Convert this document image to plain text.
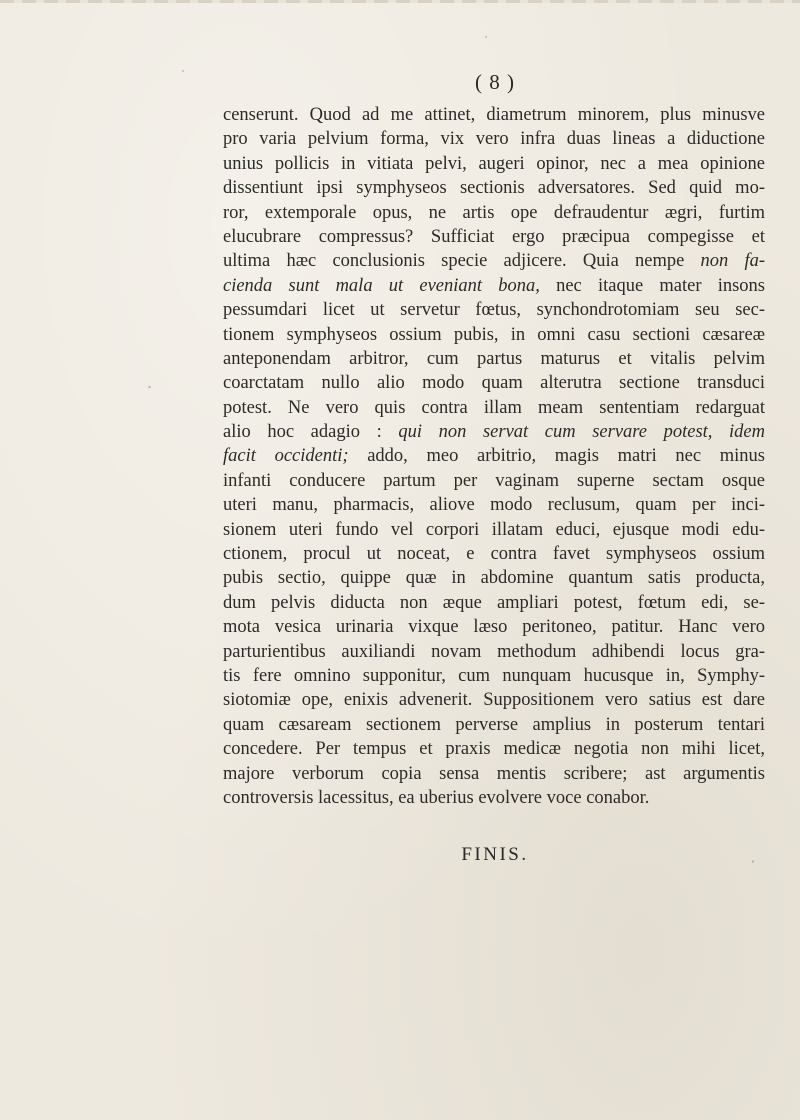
( 8 )
censerunt. Quod ad me attinet, diametrum minorem, plus minusve
pro varia pelvium forma, vix vero infra duas lineas a diductione
unius pollicis in vitiata pelvi, augeri opinor, nec a mea opinione
dissentiunt ipsi symphyseos sectionis adversatores. Sed quid mo-
ror, extemporale opus, ne artis ope defraudentur ægri, furtim
elucubrare compressus? Sufficiat ergo præcipua compegisse et
ultima hæc conclusionis specie adjicere. Quia nempe non fa-
cienda sunt mala ut eveniant bona, nec itaque mater insons
pessumdari licet ut servetur fœtus, synchondrotomiam seu sec-
tionem symphyseos ossium pubis, in omni casu sectioni cæsareæ
anteponendam arbitror, cum partus maturus et vitalis pelvim
coarctatam nullo alio modo quam alterutra sectione transduci
potest. Ne vero quis contra illam meam sententiam redarguat
alio hoc adagio : qui non servat cum servare potest, idem
facit occidenti; addo, meo arbitrio, magis matri nec minus
infanti conducere partum per vaginam superne sectam osque
uteri manu, pharmacis, aliove modo reclusum, quam per inci-
sionem uteri fundo vel corpori illatam educi, ejusque modi edu-
ctionem, procul ut noceat, e contra favet symphyseos ossium
pubis sectio, quippe quæ in abdomine quantum satis producta,
dum pelvis diducta non æque ampliari potest, fœtum edi, se-
mota vesica urinaria vixque læso peritoneo, patitur. Hanc vero
parturientibus auxiliandi novam methodum adhibendi locus gra-
tis fere omnino supponitur, cum nunquam hucusque in, Symphy-
siotomiæ ope, enixis advenerit. Suppositionem vero satius est dare
quam cæsaream sectionem perverse amplius in posterum tentari
concedere. Per tempus et praxis medicæ negotia non mihi licet,
majore verborum copia sensa mentis scribere; ast argumentis
controversis lacessitus, ea uberius evolvere voce conabor.
FINIS.
